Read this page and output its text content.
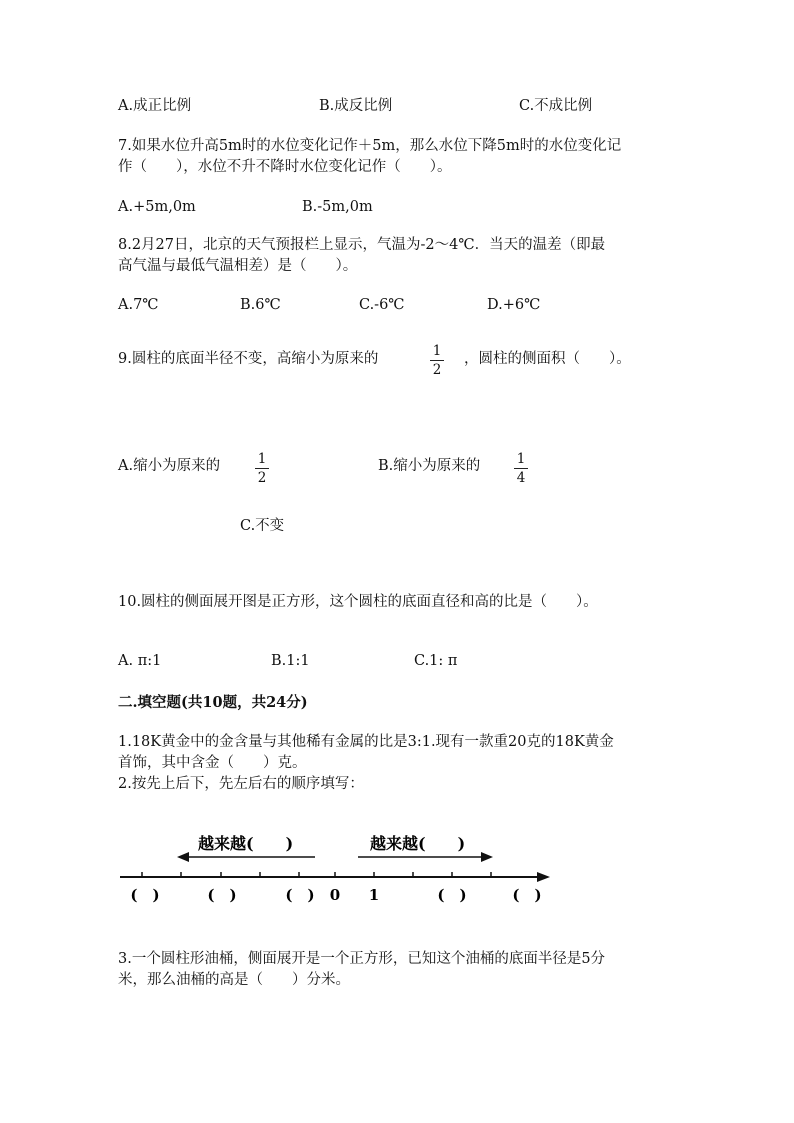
A.成正比例	B.成反比例	C.不成比例
7.如果水位升高5m时的水位变化记作＋5m，那么水位下降5m时的水位变化记
作（　　），水位不升不降时水位变化记作（　　）。
A.+5m,0m	B.-5m,0m
8.2月27日，北京的天气预报栏上显示，气温为-2～4℃．当天的温差（即最
高气温与最低气温相差）是（　　）。
A.7℃	B.6℃	C.-6℃	D.+6℃
9.圆柱的底面半径不变，高缩小为原来的	1
2
，圆柱的侧面积（　　）。
A.缩小为原来的	1
2
B.缩小为原来的	1
4
C.不变
10.圆柱的侧面展开图是正方形，这个圆柱的底面直径和高的比是（　　）。
A. π:1	B.1:1	C.1: π
二.填空题(共10题，共24分)
1.18K黄金中的金含量与其他稀有金属的比是3:1.现有一款重20克的18K黄金
首饰，其中含金（　　）克。
2.按先上后下，先左后右的顺序填写：
越来越(　　)	越来越(　　)
(　)	(　)	(　) 0 1	(　)	(　)
3.一个圆柱形油桶，侧面展开是一个正方形，已知这个油桶的底面半径是5分
米，那么油桶的高是（　　）分米。
